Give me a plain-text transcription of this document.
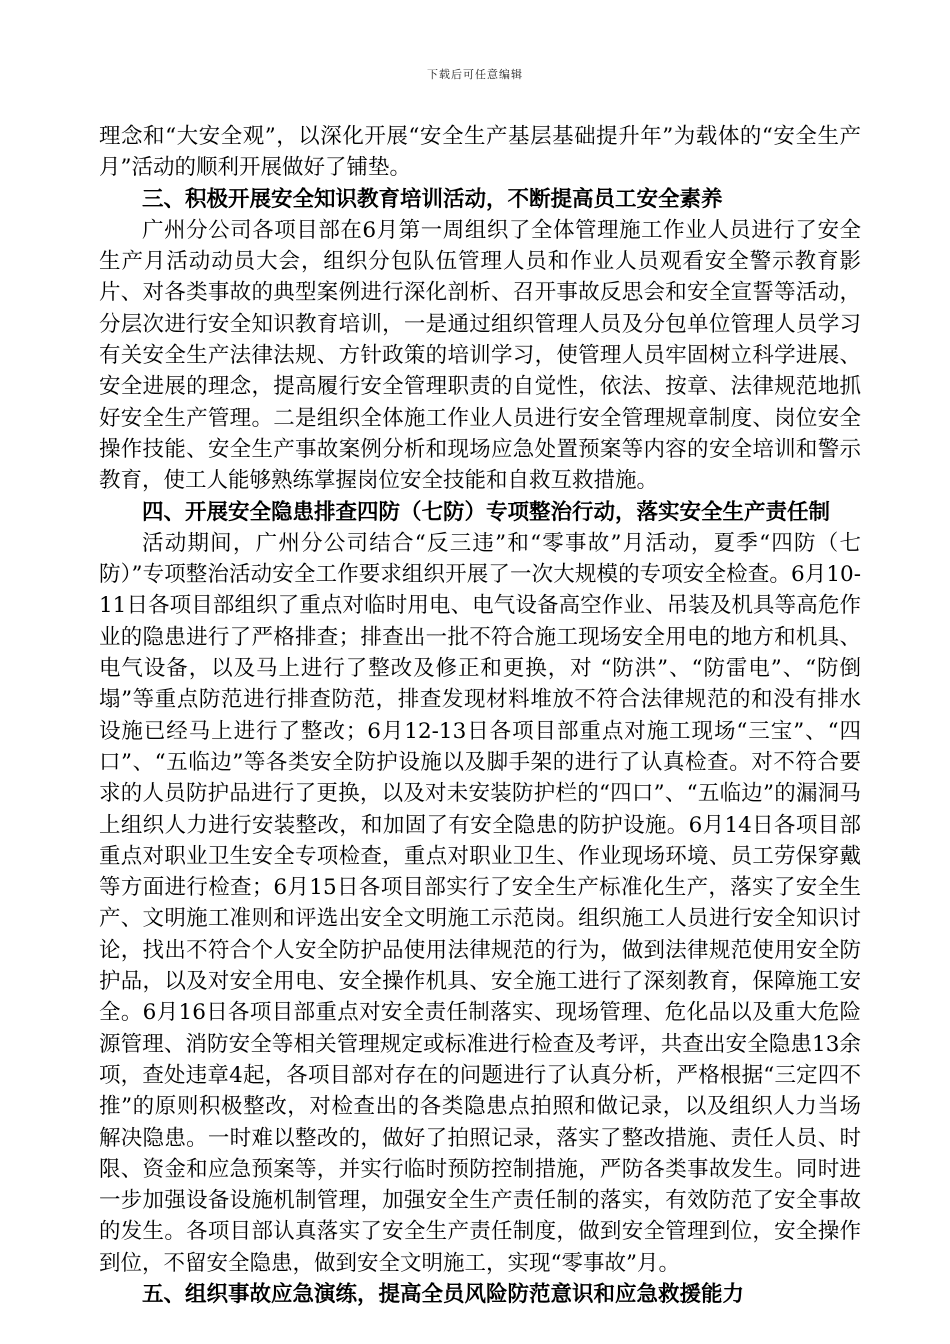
下载后可任意编辑

理念和“大安全观”，以深化开展“安全生产基层基础提升年”为载体的“安全生产月”活动的顺利开展做好了铺垫。

三、积极开展安全知识教育培训活动，不断提高员工安全素养

广州分公司各项目部在6月第一周组织了全体管理施工作业人员进行了安全生产月活动动员大会，组织分包队伍管理人员和作业人员观看安全警示教育影片、对各类事故的典型案例进行深化剖析、召开事故反思会和安全宣誓等活动，分层次进行安全知识教育培训，一是通过组织管理人员及分包单位管理人员学习有关安全生产法律法规、方针政策的培训学习，使管理人员牢固树立科学进展、安全进展的理念，提高履行安全管理职责的自觉性，依法、按章、法律规范地抓好安全生产管理。二是组织全体施工作业人员进行安全管理规章制度、岗位安全操作技能、安全生产事故案例分析和现场应急处置预案等内容的安全培训和警示教育，使工人能够熟练掌握岗位安全技能和自救互救措施。

四、开展安全隐患排查四防（七防）专项整治行动，落实安全生产责任制

活动期间，广州分公司结合“反三违”和“零事故”月活动，夏季“四防（七防）”专项整治活动安全工作要求组织开展了一次大规模的专项安全检查。6月10-11日各项目部组织了重点对临时用电、电气设备高空作业、吊装及机具等高危作业的隐患进行了严格排查；排查出一批不符合施工现场安全用电的地方和机具、电气设备，以及马上进行了整改及修正和更换，对 “防洪”、“防雷电”、“防倒塌”等重点防范进行排查防范，排查发现材料堆放不符合法律规范的和没有排水设施已经马上进行了整改；6月12-13日各项目部重点对施工现场“三宝”、“四口”、“五临边”等各类安全防护设施以及脚手架的进行了认真检查。对不符合要求的人员防护品进行了更换，以及对未安装防护栏的“四口”、“五临边”的漏洞马上组织人力进行安装整改，和加固了有安全隐患的防护设施。6月14日各项目部重点对职业卫生安全专项检查，重点对职业卫生、作业现场环境、员工劳保穿戴等方面进行检查；6月15日各项目部实行了安全生产标准化生产，落实了安全生产、文明施工准则和评选出安全文明施工示范岗。组织施工人员进行安全知识讨论，找出不符合个人安全防护品使用法律规范的行为，做到法律规范使用安全防护品，以及对安全用电、安全操作机具、安全施工进行了深刻教育，保障施工安全。6月16日各项目部重点对安全责任制落实、现场管理、危化品以及重大危险源管理、消防安全等相关管理规定或标准进行检查及考评，共查出安全隐患13余项，查处违章4起，各项目部对存在的问题进行了认真分析，严格根据“三定四不推”的原则积极整改，对检查出的各类隐患点拍照和做记录，以及组织人力当场解决隐患。一时难以整改的，做好了拍照记录，落实了整改措施、责任人员、时限、资金和应急预案等，并实行临时预防控制措施，严防各类事故发生。同时进一步加强设备设施机制管理，加强安全生产责任制的落实，有效防范了安全事故的发生。各项目部认真落实了安全生产责任制度，做到安全管理到位，安全操作到位，不留安全隐患，做到安全文明施工，实现“零事故”月。

五、组织事故应急演练，提高全员风险防范意识和应急救援能力
